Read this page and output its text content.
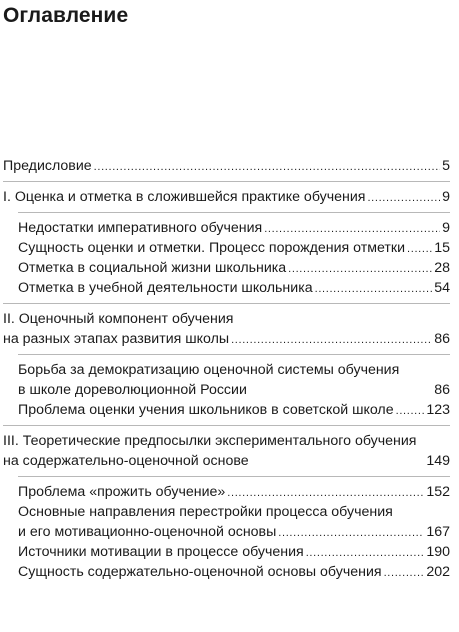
Оглавление
Предисловие . . .	5
I. Оценка и отметка в сложившейся практике обучения . . .	9
Недостатки императивного обучения . . .	9
Сущность оценки и отметки. Процесс порождения отметки . . . 15
Отметка в социальной жизни школьника . . .	28
Отметка в учебной деятельности школьника . . .	54
II. Оценочный компонент обучения
на разных этапах развития школы . . .	86
Борьба за демократизацию оценочной системы обучения
в школе дореволюционной России	86
Проблема оценки учения школьников в советской школе . . . 123
III. Теоретические предпосылки экспериментального обучения
на содержательно-оценочной основе	149
Проблема «прожить обучение» . . .	152
Основные направления перестройки процесса обучения
и его мотивационно-оценочной основы . . .	167
Источники мотивации в процессе обучения . . .	190
Сущность содержательно-оценочной основы обучения . . .	202
